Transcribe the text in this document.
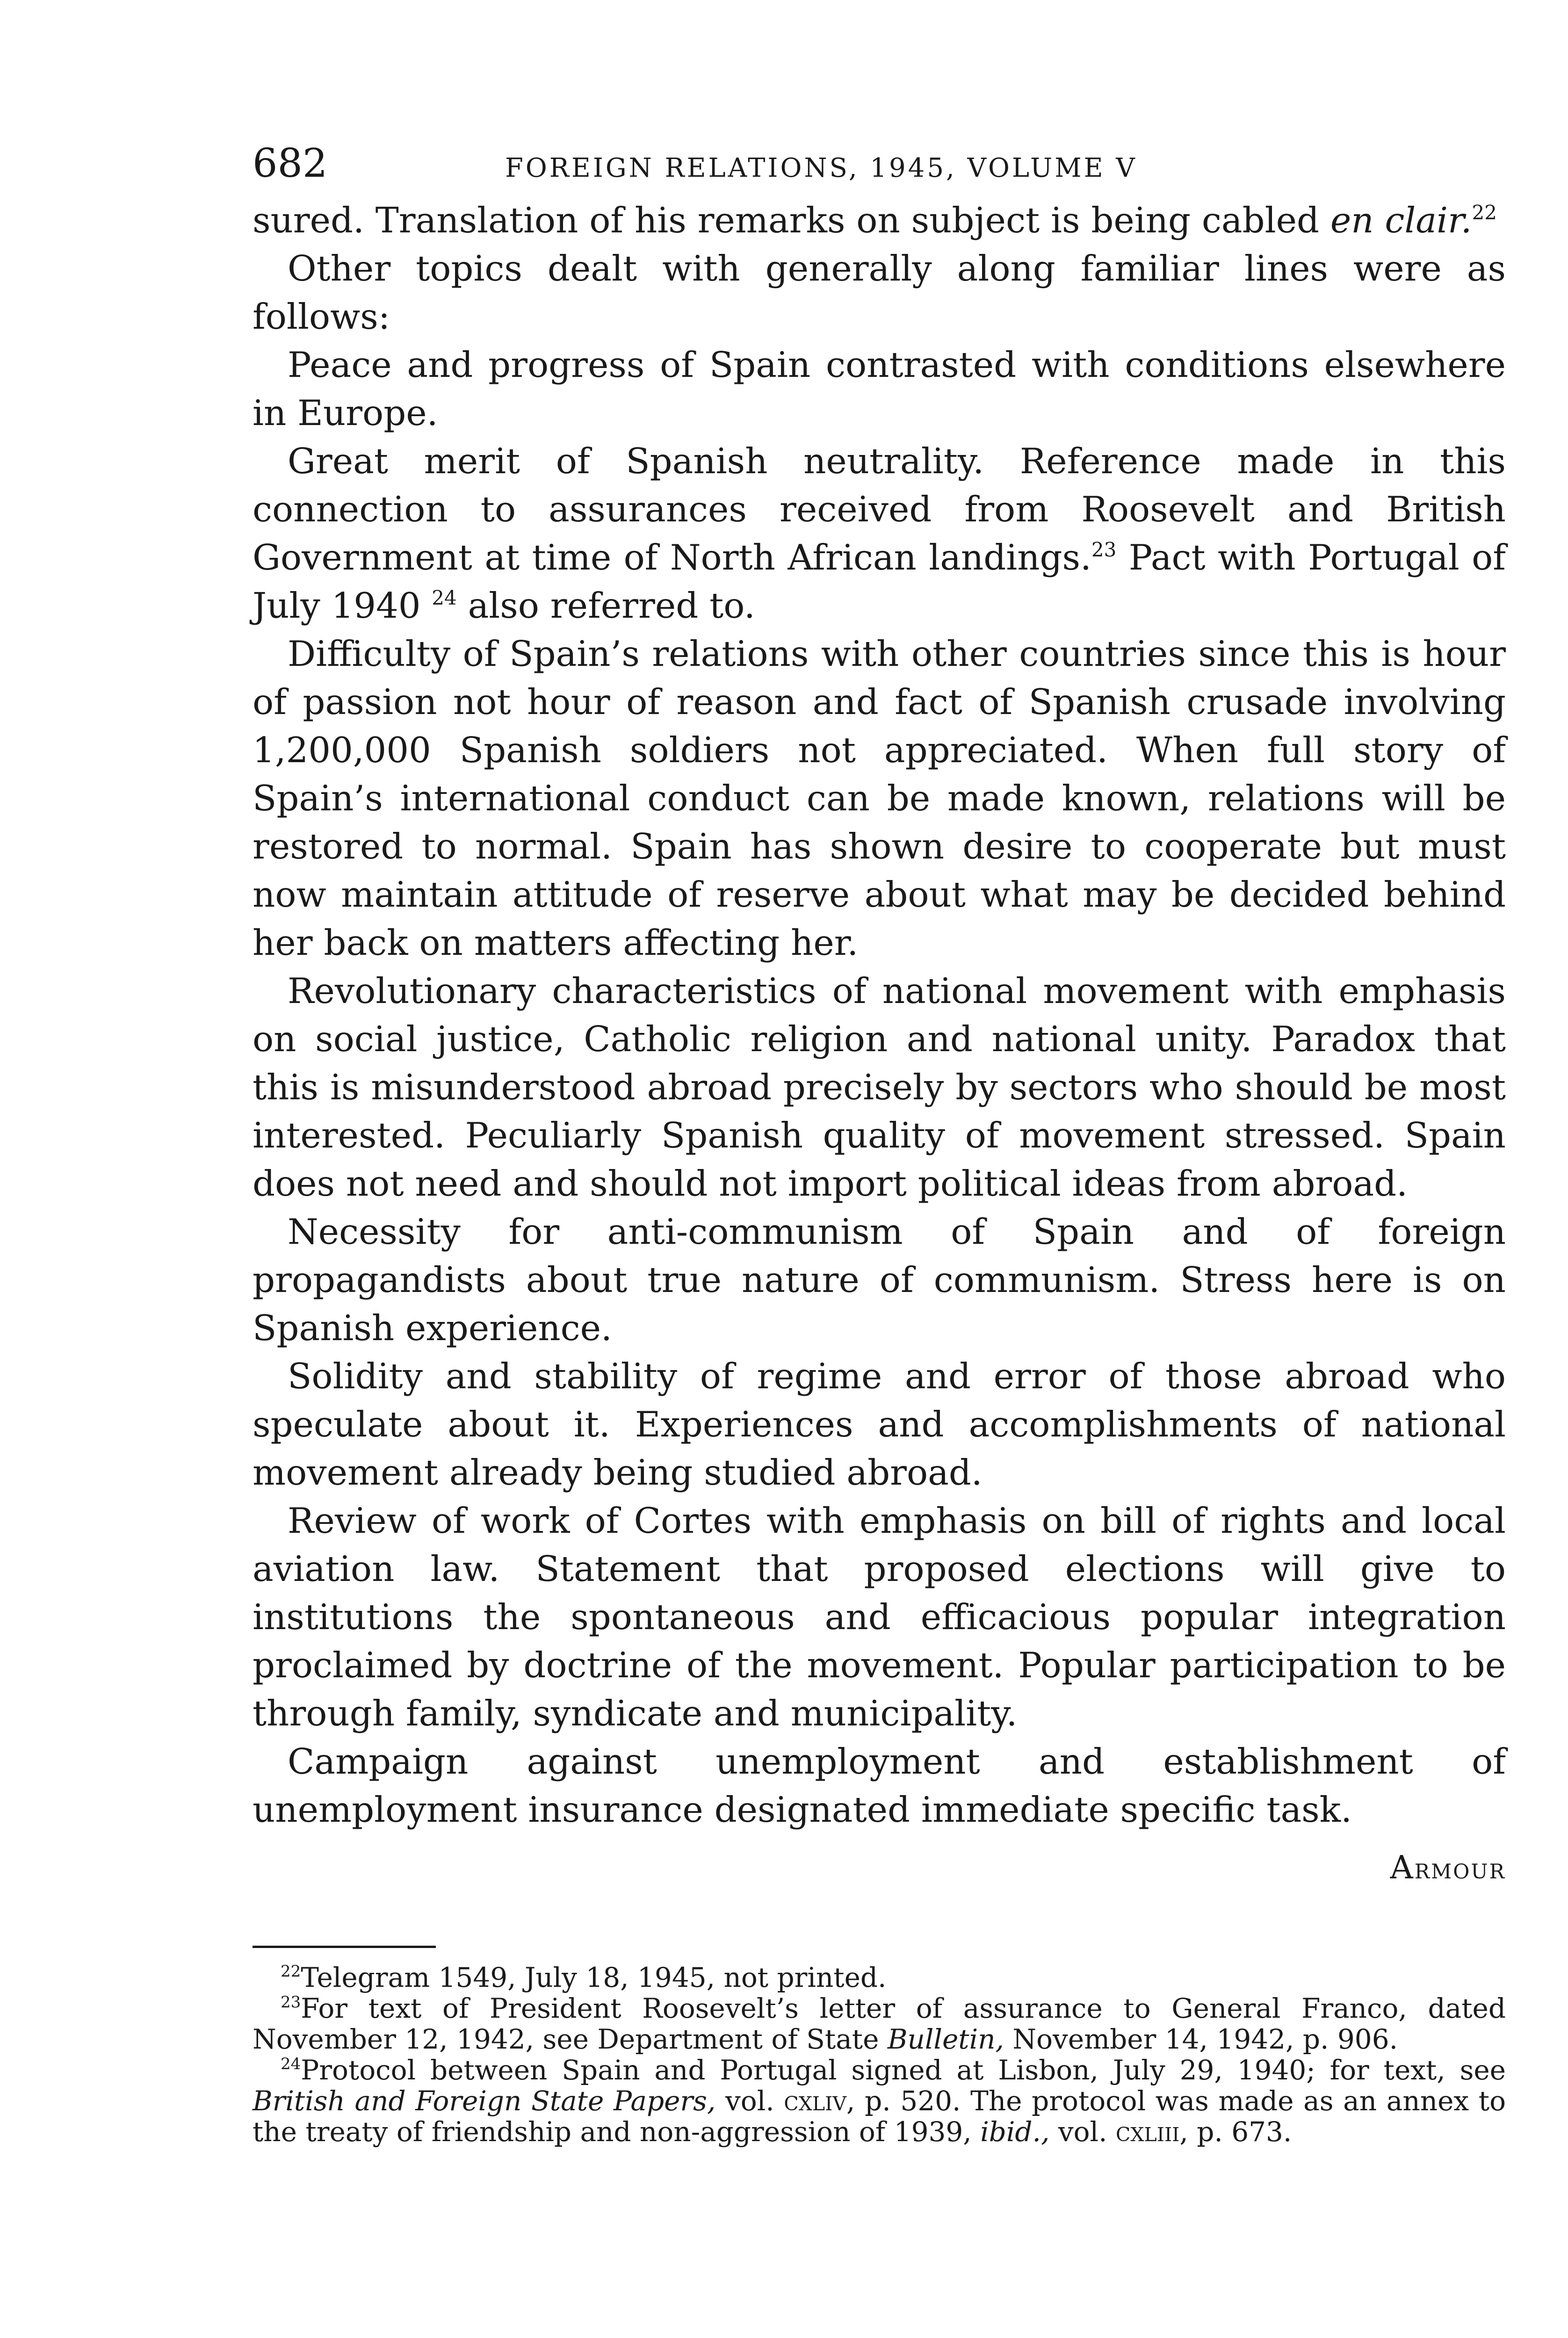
682	FOREIGN RELATIONS, 1945, VOLUME V

sured. Translation of his remarks on subject is being cabled en clair.$^{22}$

Other topics dealt with generally along familiar lines were as follows:

Peace and progress of Spain contrasted with conditions elsewhere in Europe.

Great merit of Spanish neutrality. Reference made in this connection to assurances received from Roosevelt and British Government at time of North African landings.$^{23}$ Pact with Portugal of July 1940 $^{24}$ also referred to.

Difficulty of Spain’s relations with other countries since this is hour of passion not hour of reason and fact of Spanish crusade involving 1,200,000 Spanish soldiers not appreciated. When full story of Spain’s international conduct can be made known, relations will be restored to normal. Spain has shown desire to cooperate but must now maintain attitude of reserve about what may be decided behind her back on matters affecting her.

Revolutionary characteristics of national movement with emphasis on social justice, Catholic religion and national unity. Paradox that this is misunderstood abroad precisely by sectors who should be most interested. Peculiarly Spanish quality of movement stressed. Spain does not need and should not import political ideas from abroad.

Necessity for anti-communism of Spain and of foreign propagandists about true nature of communism. Stress here is on Spanish experience.

Solidity and stability of regime and error of those abroad who speculate about it. Experiences and accomplishments of national movement already being studied abroad.

Review of work of Cortes with emphasis on bill of rights and local aviation law. Statement that proposed elections will give to institutions the spontaneous and efficacious popular integration proclaimed by doctrine of the movement. Popular participation to be through family, syndicate and municipality.

Campaign against unemployment and establishment of unemployment insurance designated immediate specific task.

Armour

$^{22}$Telegram 1549, July 18, 1945, not printed.

$^{23}$For text of President Roosevelt’s letter of assurance to General Franco, dated November 12, 1942, see Department of State Bulletin, November 14, 1942, p. 906.

$^{24}$Protocol between Spain and Portugal signed at Lisbon, July 29, 1940; for text, see British and Foreign State Papers, vol. cxliv, p. 520. The protocol was made as an annex to the treaty of friendship and non-aggression of 1939, ibid., vol. cxliii, p. 673.
